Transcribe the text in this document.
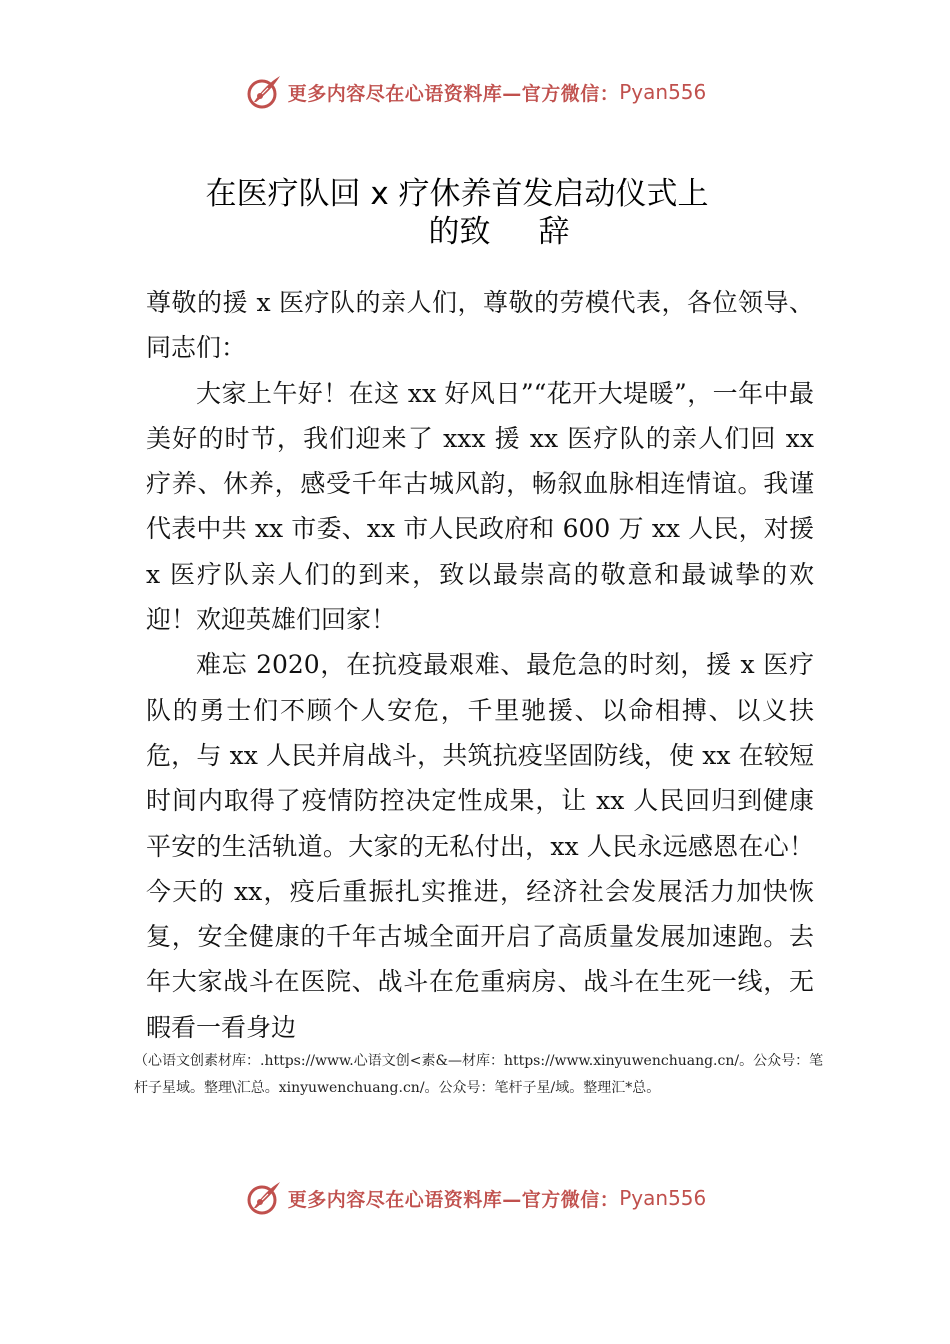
更多内容尽在心语资料库—官方微信： Pyan556
在医疗队回 x 疗休养首发启动仪式上
的致 辞

尊敬的援 x 医疗队的亲人们，尊敬的劳模代表，各位领导、同志们：

大家上午好！在这 xx 好风日”“花开大堤暖”，一年中最美好的时节，我们迎来了 xxx 援 xx 医疗队的亲人们回 xx 疗养、休养，感受千年古城风韵，畅叙血脉相连情谊。我谨代表中共 xx 市委、xx 市人民政府和 600 万 xx 人民，对援 x 医疗队亲人们的到来，致以最崇高的敬意和最诚挚的欢迎！欢迎英雄们回家！

难忘 2020，在抗疫最艰难、最危急的时刻，援 x 医疗队的勇士们不顾个人安危，千里驰援、以命相搏、以义扶危，与 xx 人民并肩战斗，共筑抗疫坚固防线，使 xx 在较短时间内取得了疫情防控决定性成果，让 xx 人民回归到健康平安的生活轨道。大家的无私付出，xx 人民永远感恩在心！今天的 xx，疫后重振扎实推进，经济社会发展活力加快恢复，安全健康的千年古城全面开启了高质量发展加速跑。去年大家战斗在医院、战斗在危重病房、战斗在生死一线，无暇看一看身边

（心语文创素材库：.https://www.心语文创<素&—材库：https://www.xinyuwenchuang.cn/。公众号：笔杆子星域。整理\汇总。xinyuwenchuang.cn/。公众号：笔杆子星/域。整理汇*总。
更多内容尽在心语资料库—官方微信： Pyan556
